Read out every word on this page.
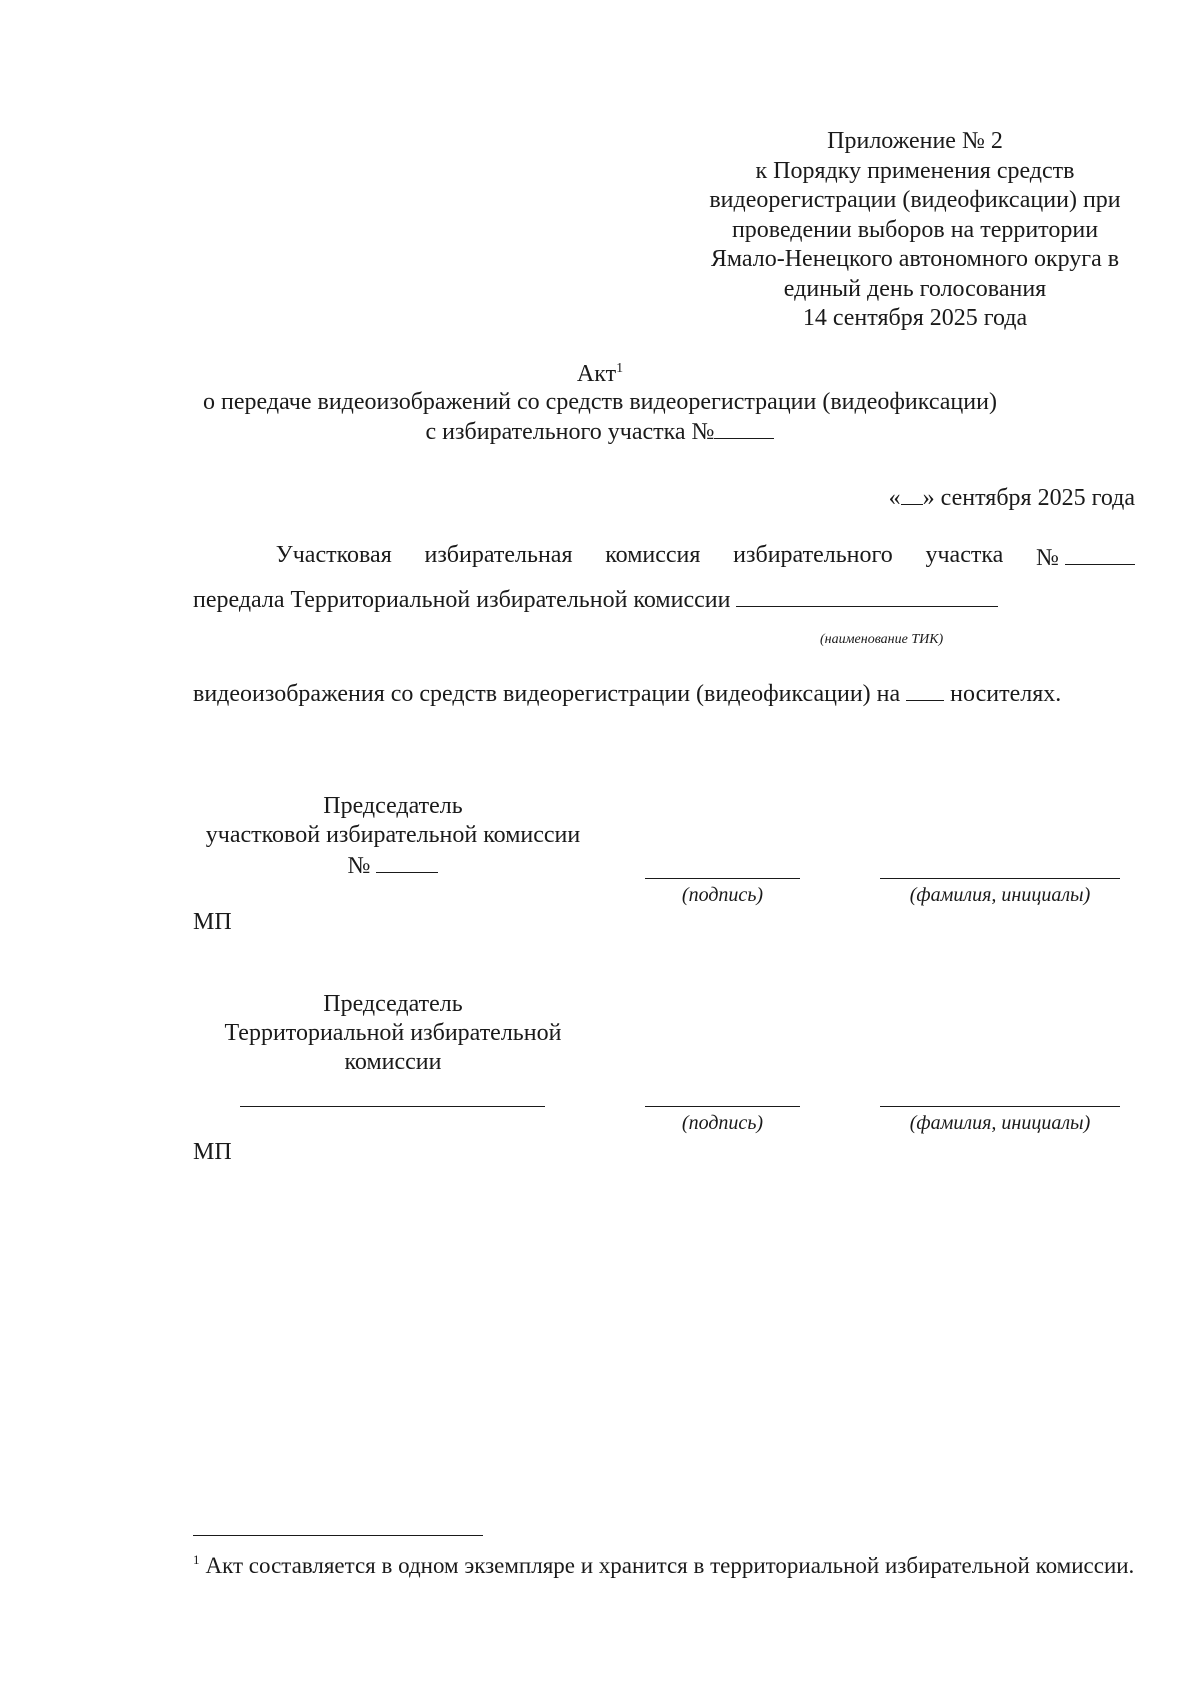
Приложение № 2
к Порядку применения средств
видеорегистрации (видеофиксации) при
проведении выборов на территории
Ямало-Ненецкого автономного округа в
единый день голосования
14 сентября 2025 года
Акт$^1$
о передаче видеоизображений со средств видеорегистрации (видеофиксации)
с избирательного участка №
« » сентября 2025 года
Участковая избирательная комиссия избирательного участка №
передала Территориальной избирательной комиссии
(наименование ТИК)
видеоизображения со средств видеорегистрации (видеофиксации) на носителях.
Председатель
участковой избирательной комиссии
№
(подпись)	(фамилия, инициалы)
МП
Председатель
Территориальной избирательной
комиссии
(подпись)	(фамилия, инициалы)
МП
$^1$ Акт составляется в одном экземпляре и хранится в территориальной избирательной комиссии.
